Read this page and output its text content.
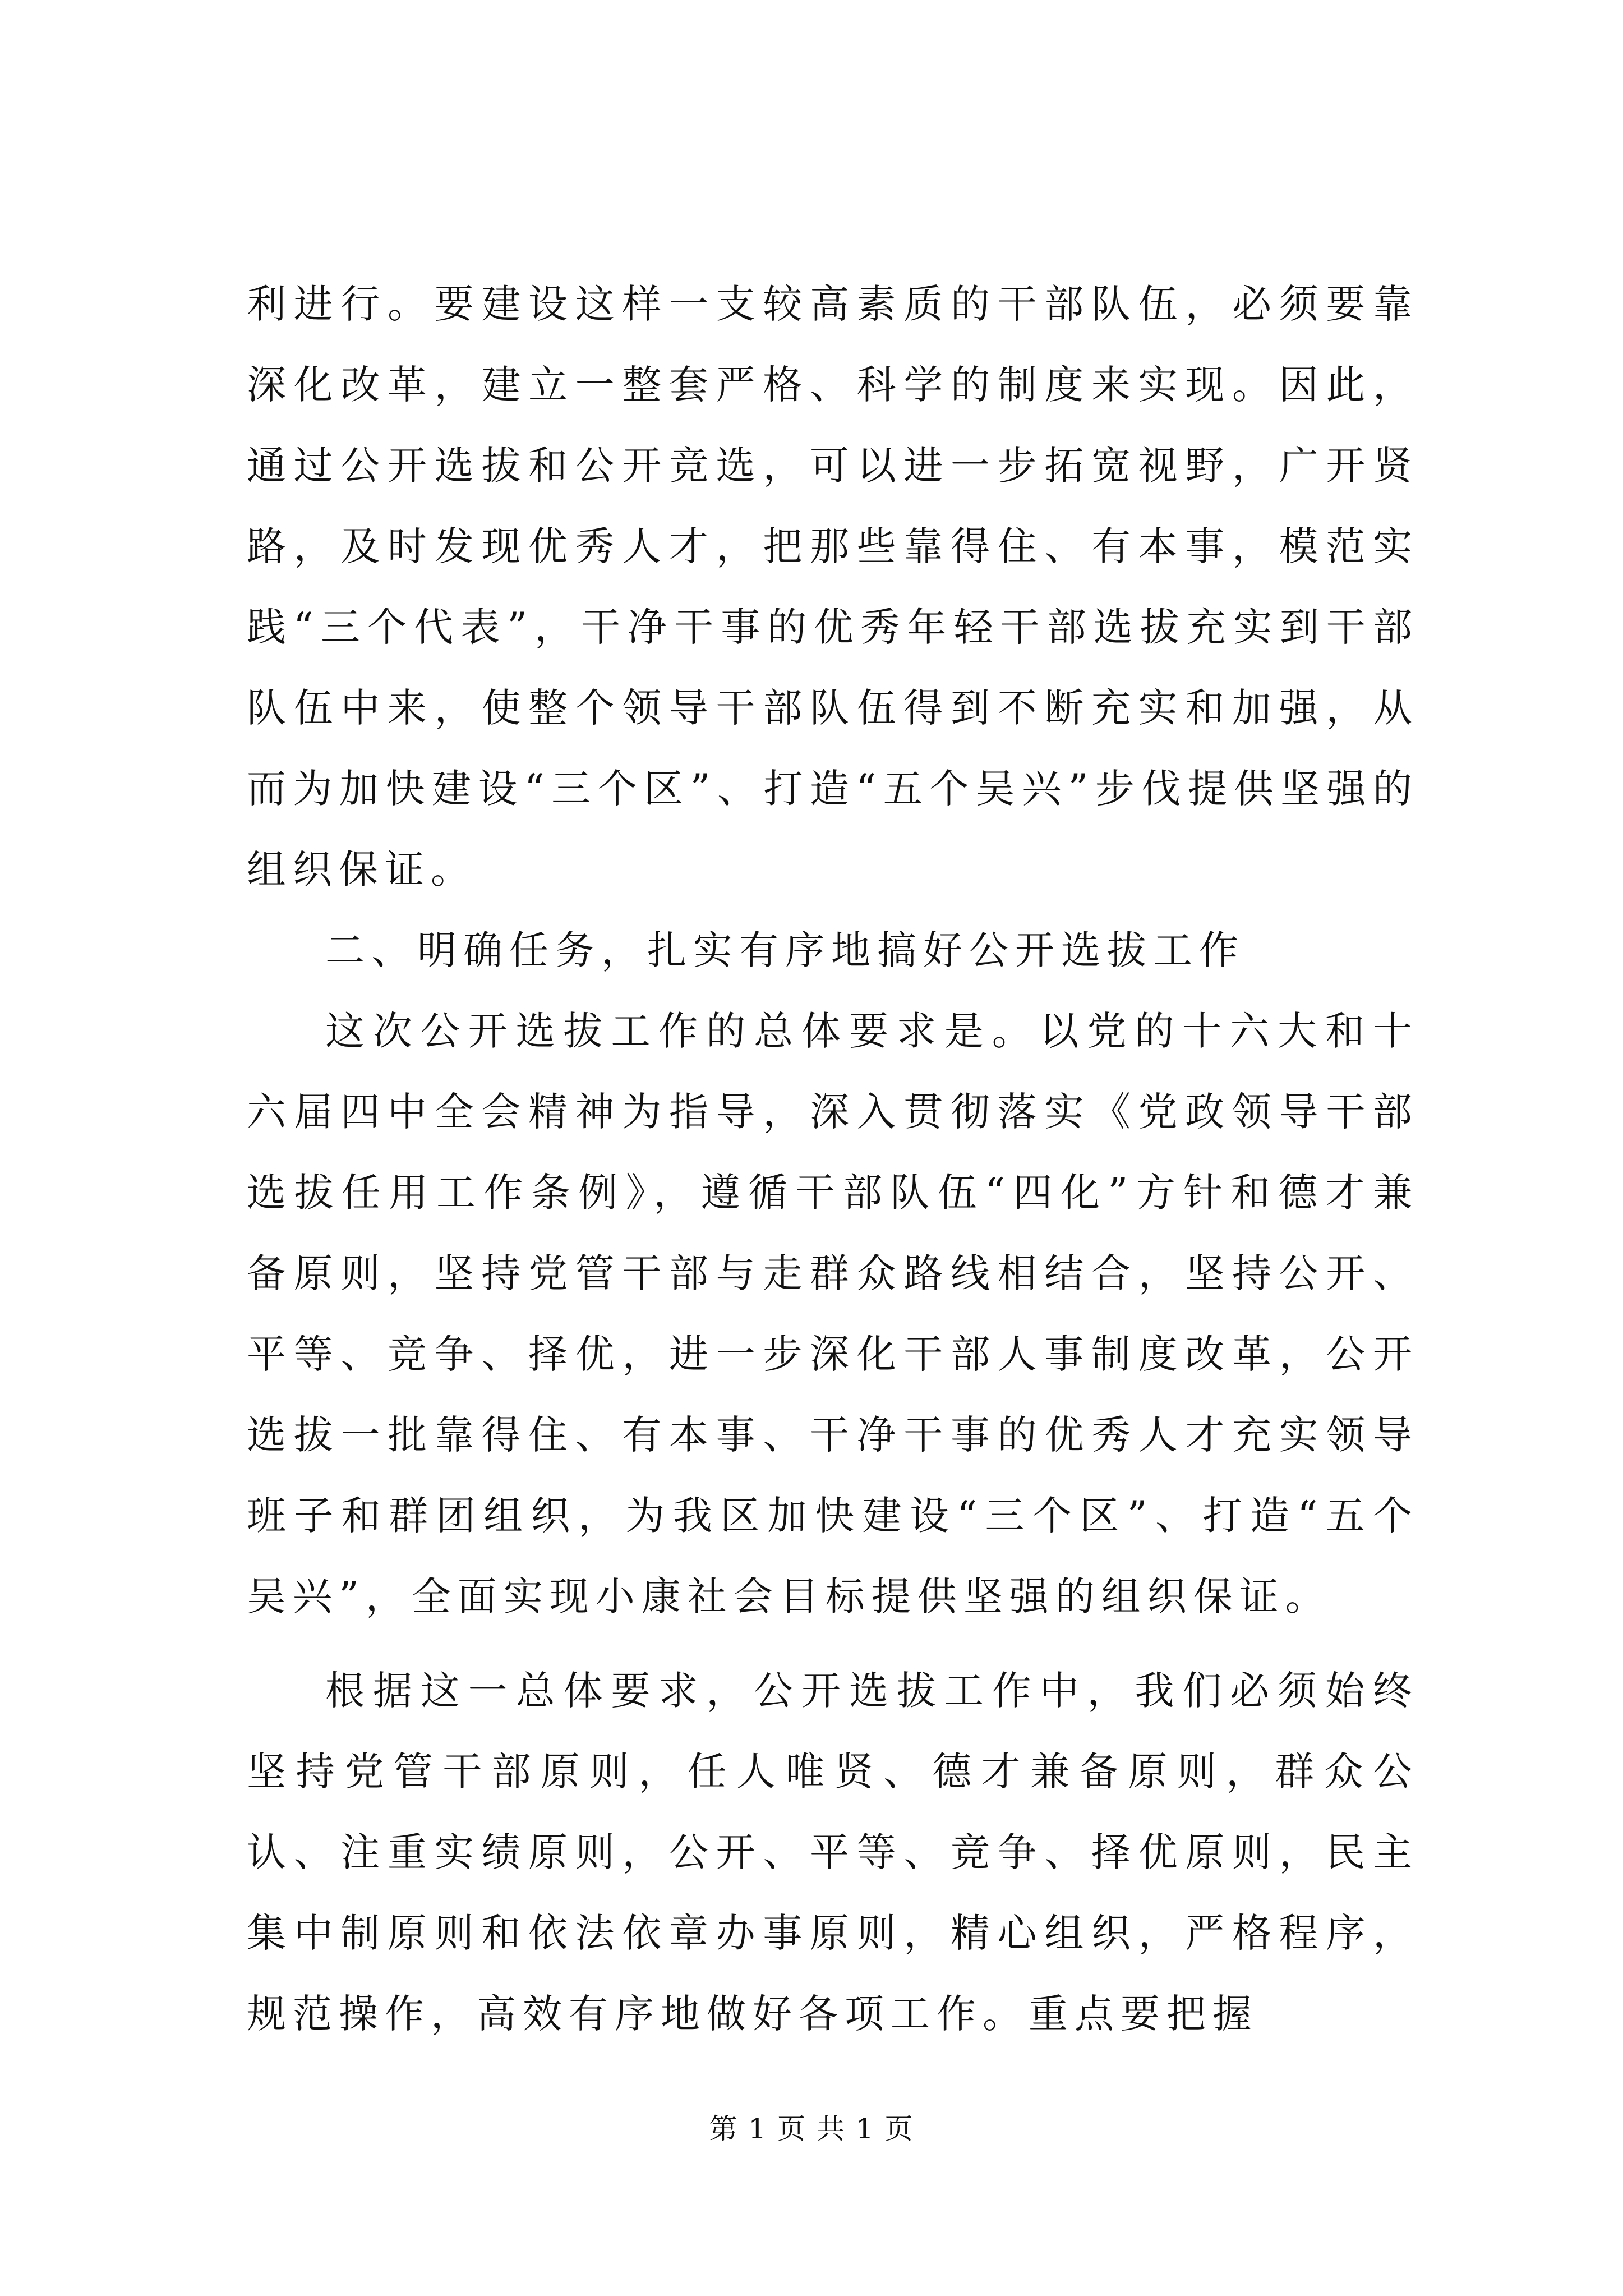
利进行。要建设这样一支较高素质的干部队伍，必须要靠深化改革，建立一整套严格、科学的制度来实现。因此，通过公开选拔和公开竞选，可以进一步拓宽视野，广开贤路，及时发现优秀人才，把那些靠得住、有本事，模范实践“三个代表”，干净干事的优秀年轻干部选拔充实到干部队伍中来，使整个领导干部队伍得到不断充实和加强，从而为加快建设“三个区”、打造“五个吴兴”步伐提供坚强的组织保证。

二、明确任务，扎实有序地搞好公开选拔工作

这次公开选拔工作的总体要求是。以党的十六大和十六届四中全会精神为指导，深入贯彻落实《党政领导干部选拔任用工作条例》，遵循干部队伍“四化”方针和德才兼备原则，坚持党管干部与走群众路线相结合，坚持公开、平等、竞争、择优，进一步深化干部人事制度改革，公开选拔一批靠得住、有本事、干净干事的优秀人才充实领导班子和群团组织，为我区加快建设“三个区”、打造“五个吴兴”，全面实现小康社会目标提供坚强的组织保证。

根据这一总体要求，公开选拔工作中，我们必须始终坚持党管干部原则，任人唯贤、德才兼备原则，群众公认、注重实绩原则，公开、平等、竞争、择优原则，民主集中制原则和依法依章办事原则，精心组织，严格程序，规范操作，高效有序地做好各项工作。重点要把握

第 1 页 共 1 页
